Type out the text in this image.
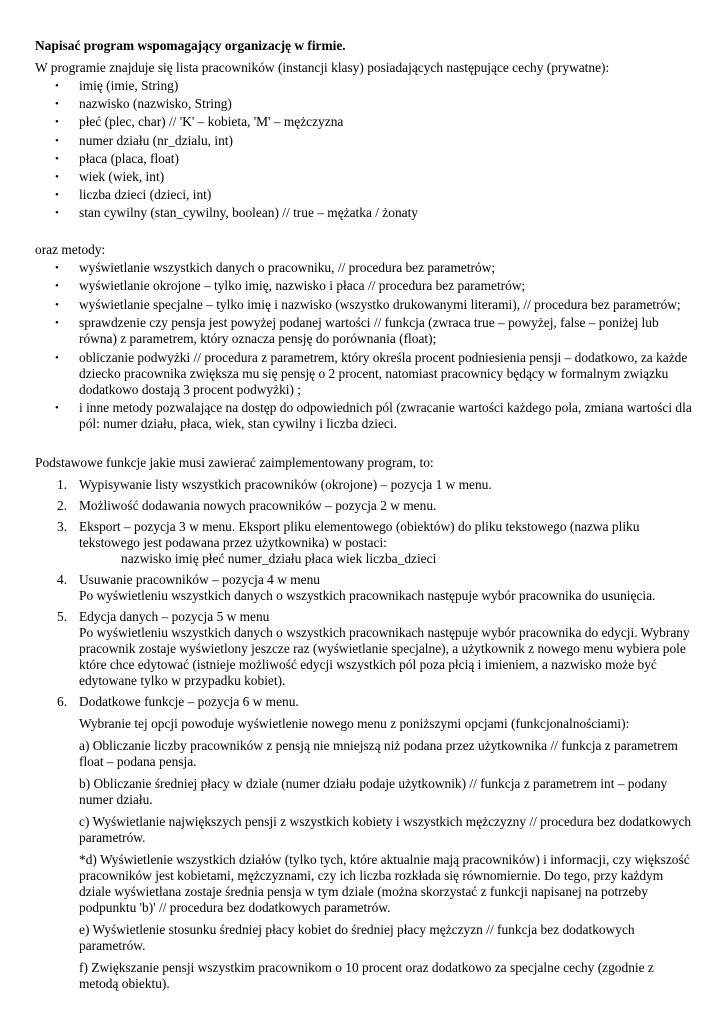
Napisać program wspomagający organizację w firmie.

W programie znajduje się lista pracowników (instancji klasy) posiadających następujące cechy (prywatne):

• imię (imie, String)
• nazwisko (nazwisko, String)
• płeć (plec, char) // 'K' – kobieta, 'M' – mężczyzna
• numer działu (nr_dzialu, int)
• płaca (placa, float)
• wiek (wiek, int)
• liczba dzieci (dzieci, int)
• stan cywilny (stan_cywilny, boolean) // true – mężatka / żonaty

oraz metody:

• wyświetlanie wszystkich danych o pracowniku, // procedura bez parametrów;
• wyświetlanie okrojone – tylko imię, nazwisko i płaca // procedura bez parametrów;
• wyświetlanie specjalne – tylko imię i nazwisko (wszystko drukowanymi literami), // procedura bez parametrów;
• sprawdzenie czy pensja jest powyżej podanej wartości // funkcja (zwraca true – powyżej, false – poniżej lub równa) z parametrem, który oznacza pensję do porównania (float);
• obliczanie podwyżki // procedura z parametrem, który określa procent podniesienia pensji – dodatkowo, za każde dziecko pracownika zwiększa mu się pensję o 2 procent, natomiast pracownicy będący w formalnym związku dodatkowo dostają 3 procent podwyżki) ;
• i inne metody pozwalające na dostęp do odpowiednich pól (zwracanie wartości każdego pola, zmiana wartości dla pól: numer działu, płaca, wiek, stan cywilny i liczba dzieci.

Podstawowe funkcje jakie musi zawierać zaimplementowany program, to:

1. Wypisywanie listy wszystkich pracowników (okrojone) – pozycja 1 w menu.
2. Możliwość dodawania nowych pracowników – pozycja 2 w menu.
3. Eksport – pozycja 3 w menu. Eksport pliku elementowego (obiektów) do pliku tekstowego (nazwa pliku tekstowego jest podawana przez użytkownika) w postaci:
nazwisko imię płeć numer_działu płaca wiek liczba_dzieci
4. Usuwanie pracowników – pozycja 4 w menu
Po wyświetleniu wszystkich danych o wszystkich pracownikach następuje wybór pracownika do usunięcia.
5. Edycja danych – pozycja 5 w menu
Po wyświetleniu wszystkich danych o wszystkich pracownikach następuje wybór pracownika do edycji. Wybrany pracownik zostaje wyświetlony jeszcze raz (wyświetlanie specjalne), a użytkownik z nowego menu wybiera pole które chce edytować (istnieje możliwość edycji wszystkich pól poza płcią i imieniem, a nazwisko może być edytowane tylko w przypadku kobiet).
6. Dodatkowe funkcje – pozycja 6 w menu.
Wybranie tej opcji powoduje wyświetlenie nowego menu z poniższymi opcjami (funkcjonalnościami):
a) Obliczanie liczby pracowników z pensją nie mniejszą niż podana przez użytkownika // funkcja z parametrem float – podana pensja.
b) Obliczanie średniej płacy w dziale (numer działu podaje użytkownik) // funkcja z parametrem int – podany numer działu.
c) Wyświetlanie największych pensji z wszystkich kobiety i wszystkich mężczyzny // procedura bez dodatkowych parametrów.
*d) Wyświetlenie wszystkich działów (tylko tych, które aktualnie mają pracowników) i informacji, czy większość pracowników jest kobietami, mężczyznami, czy ich liczba rozkłada się równomiernie. Do tego, przy każdym dziale wyświetlana zostaje średnia pensja w tym dziale (można skorzystać z funkcji napisanej na potrzeby podpunktu 'b)' // procedura bez dodatkowych parametrów.
e) Wyświetlenie stosunku średniej płacy kobiet do średniej płacy mężczyzn // funkcja bez dodatkowych parametrów.
f) Zwiększanie pensji wszystkim pracownikom o 10 procent oraz dodatkowo za specjalne cechy (zgodnie z metodą obiektu).
